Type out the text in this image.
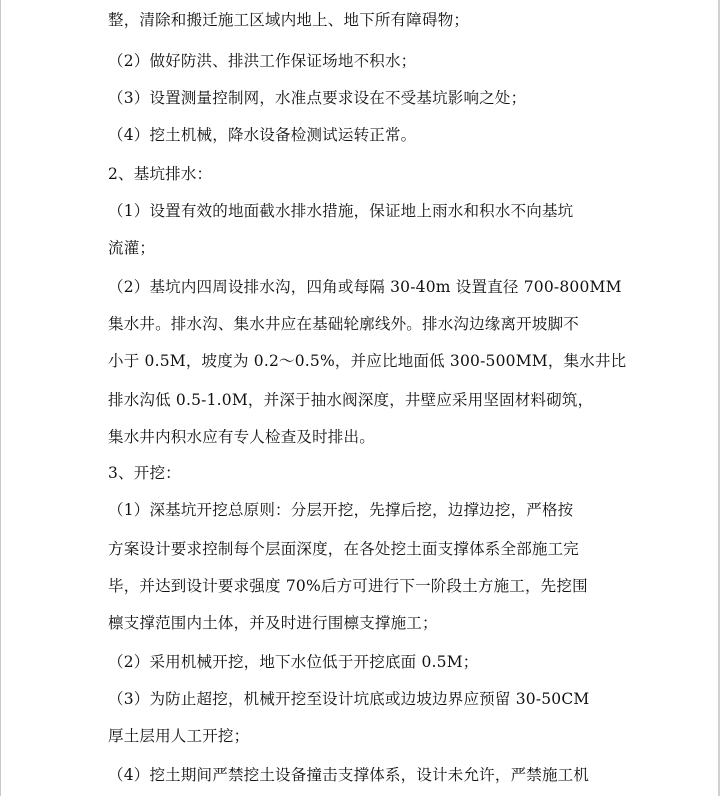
整，清除和搬迁施工区域内地上、地下所有障碍物；
（2）做好防洪、排洪工作保证场地不积水；
（3）设置测量控制网，水准点要求设在不受基坑影响之处；
（4）挖土机械，降水设备检测试运转正常。
2、基坑排水：
（1）设置有效的地面截水排水措施，保证地上雨水和积水不向基坑
流灌；
（2）基坑内四周设排水沟，四角或每隔 30-40m 设置直径 700-800MM
集水井。排水沟、集水井应在基础轮廓线外。排水沟边缘离开坡脚不
小于 0.5M，坡度为 0.2～0.5%，并应比地面低 300-500MM，集水井比
排水沟低 0.5-1.0M，并深于抽水阀深度，井壁应采用坚固材料砌筑，
集水井内积水应有专人检查及时排出。
3、开挖：
（1）深基坑开挖总原则：分层开挖，先撑后挖，边撑边挖，严格按
方案设计要求控制每个层面深度，在各处挖土面支撑体系全部施工完
毕，并达到设计要求强度 70%后方可进行下一阶段土方施工，先挖围
檩支撑范围内土体，并及时进行围檩支撑施工；
（2）采用机械开挖，地下水位低于开挖底面 0.5M；
（3）为防止超挖，机械开挖至设计坑底或边坡边界应预留 30-50CM
厚土层用人工开挖；
（4）挖土期间严禁挖土设备撞击支撑体系，设计未允许，严禁施工机
